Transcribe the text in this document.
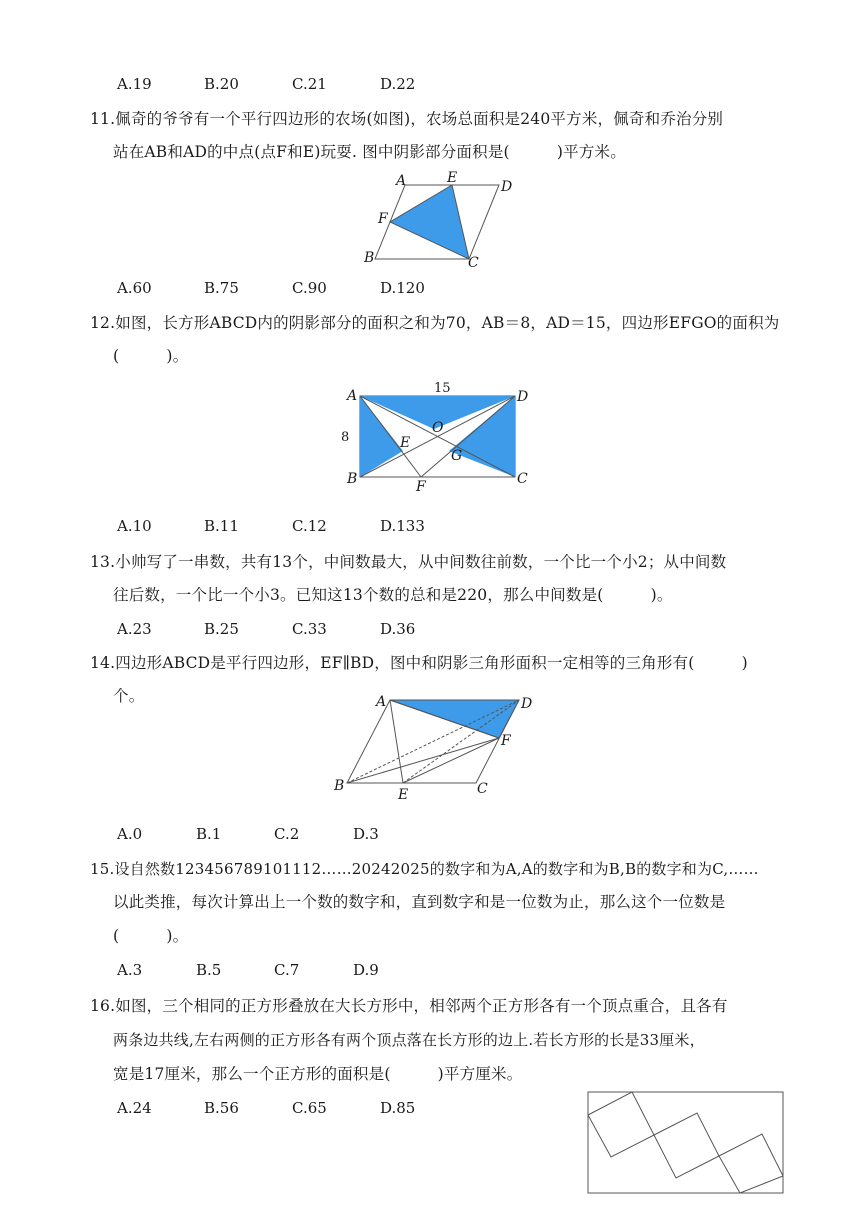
A.19	B.20	C.21	D.22
11.佩奇的爷爷有一个平行四边形的农场(如图)，农场总面积是240平方米，佩奇和乔治分别
站在AB和AD的中点(点F和E)玩耍. 图中阴影部分面积是(　　　)平方米。
A	E
D
F
B	C
A.60	B.75	C.90	D.120
12.如图，长方形ABCD内的阴影部分的面积之和为70，AB＝8，AD＝15，四边形EFGO的面积为
(　　　)。
15
8
A	D
B	C
E
O
G
F
A.10	B.11	C.12	D.133
13.小帅写了一串数，共有13个，中间数最大，从中间数往前数，一个比一个小2；从中间数
往后数，一个比一个小3。已知这13个数的总和是220，那么中间数是(　　　)。
A.23	B.25	C.33	D.36
14.四边形ABCD是平行四边形，EF∥BD，图中和阴影三角形面积一定相等的三角形有(　　　)
个。	A	D
F
B
E	C
A.0	B.1	C.2	D.3
15.设自然数123456789101112……20242025的数字和为A,A的数字和为B,B的数字和为C,……
以此类推，每次计算出上一个数的数字和，直到数字和是一位数为止，那么这个一位数是
(　　　)。
A.3	B.5	C.7	D.9
16.如图，三个相同的正方形叠放在大长方形中，相邻两个正方形各有一个顶点重合，且各有
两条边共线,左右两侧的正方形各有两个顶点落在长方形的边上.若长方形的长是33厘米，
宽是17厘米，那么一个正方形的面积是(　　　)平方厘米。
A.24	B.56	C.65	D.85
